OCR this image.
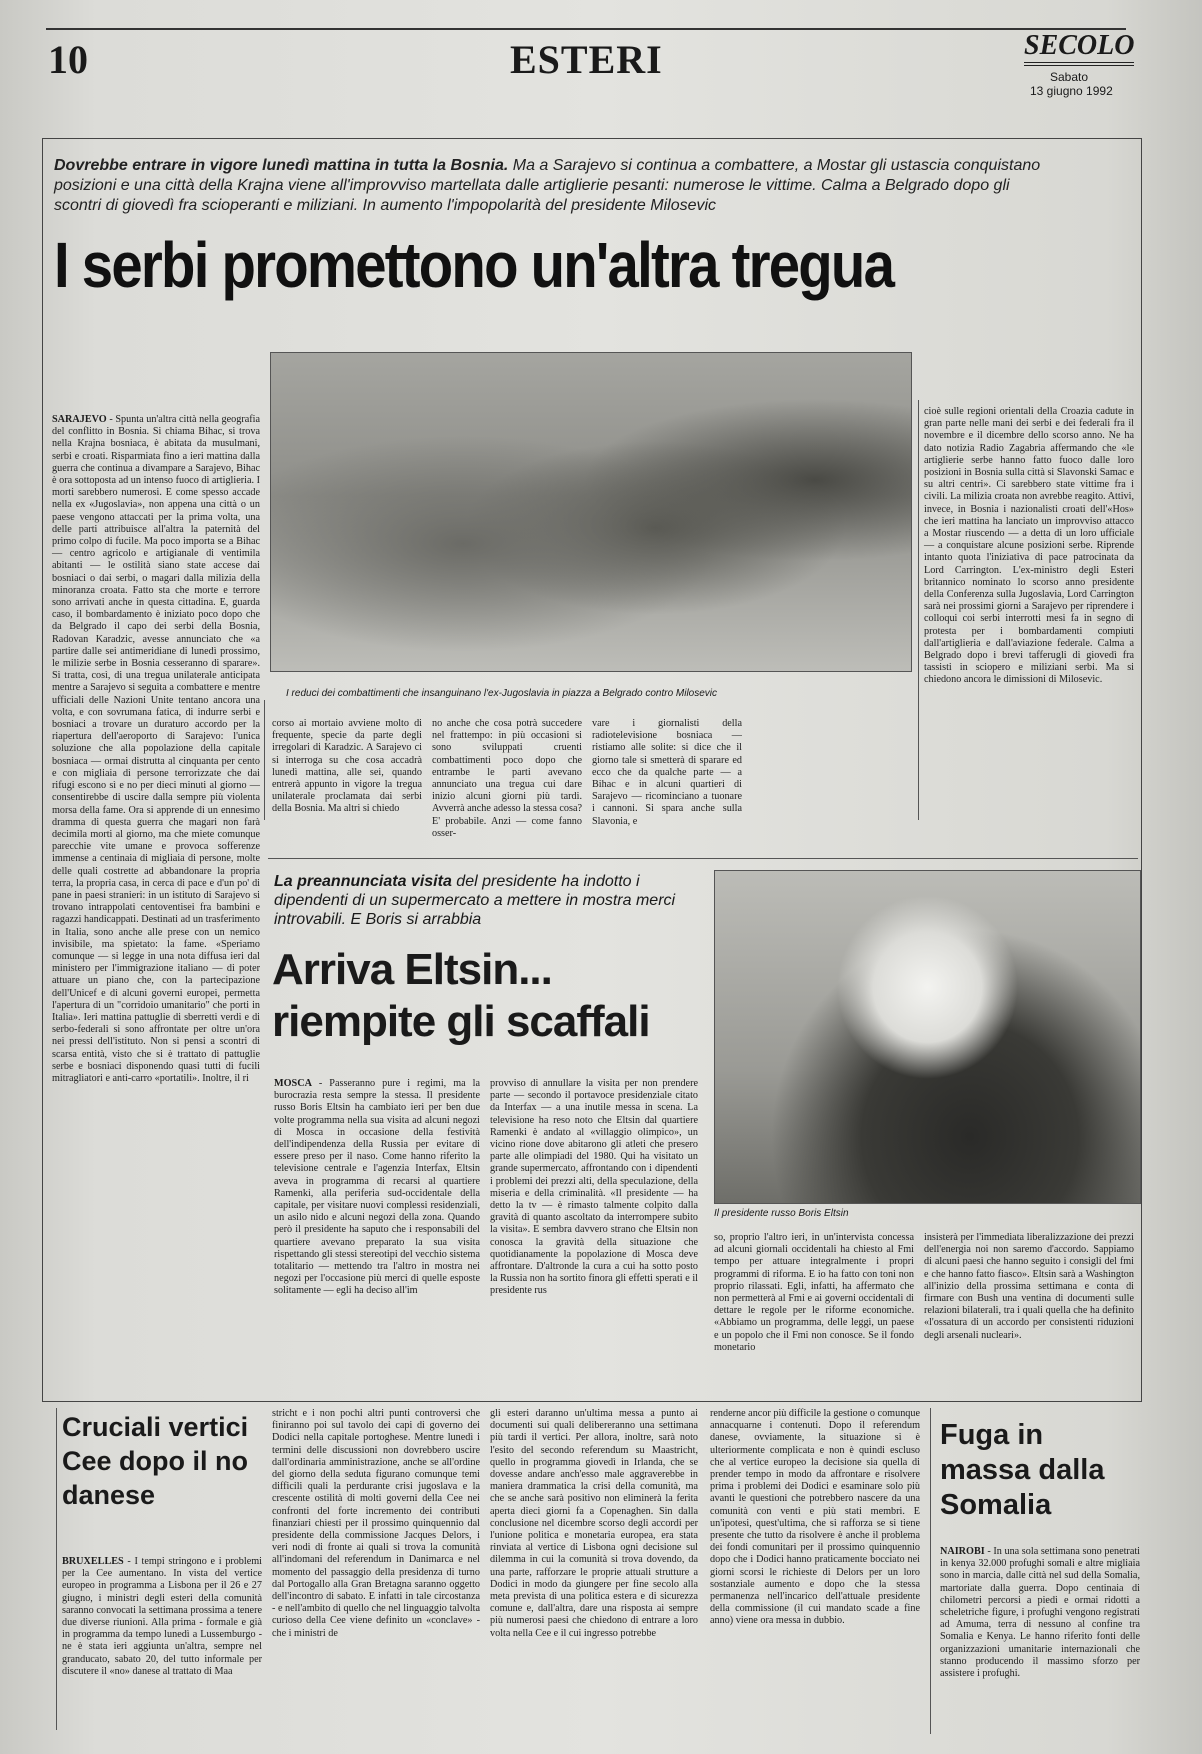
10	ESTERI	SECOLO
Sabato
13 giugno 1992
Dovrebbe entrare in vigore lunedì mattina in tutta la Bosnia. Ma a Sarajevo si continua a combattere, a Mostar gli ustascia conquistano posizioni e una città della Krajna viene all'improvviso martellata dalle artiglierie pesanti: numerose le vittime. Calma a Belgrado dopo gli scontri di giovedì fra scioperanti e miliziani. In aumento l'impopolarità del presidente Milosevic
I serbi promettono un'altra tregua
I reduci dei combattimenti che insanguinano l'ex-Jugoslavia in piazza a Belgrado contro Milosevic

SARAJEVO - Spunta un'altra città nella geografia del conflitto in Bosnia. Si chiama Bihac, si trova nella Krajna bosniaca, è abitata da musulmani, serbi e croati. Risparmiata fino a ieri mattina dalla guerra che continua a divampare a Sarajevo, Bihac è ora sottoposta ad un intenso fuoco di artiglieria. I morti sarebbero numerosi. E come spesso accade nella ex «Jugoslavia», non appena una città o un paese vengono attaccati per la prima volta, una delle parti attribuisce all'altra la paternità del primo colpo di fucile. Ma poco importa se a Bihac — centro agricolo e artigianale di ventimila abitanti — le ostilità siano state accese dai bosniaci o dai serbi, o magari dalla milizia della minoranza croata. Fatto sta che morte e terrore sono arrivati anche in questa cittadina. E, guarda caso, il bombardamento è iniziato poco dopo che da Belgrado il capo dei serbi della Bosnia, Radovan Karadzic, avesse annunciato che «a partire dalle sei antimeridiane di lunedì prossimo, le milizie serbe in Bosnia cesseranno di sparare». Si tratta, così, di una tregua unilaterale anticipata mentre a Sarajevo si seguita a combattere e mentre ufficiali delle Nazioni Unite tentano ancora una volta, e con sovrumana fatica, di indurre serbi e bosniaci a trovare un duraturo accordo per la riapertura dell'aeroporto di Sarajevo: l'unica soluzione che alla popolazione della capitale bosniaca — ormai distrutta al cinquanta per cento e con migliaia di persone terrorizzate che dai rifugi escono sì e no per dieci minuti al giorno — consentirebbe di uscire dalla sempre più violenta morsa della fame. Ora si apprende di un ennesimo dramma di questa guerra che magari non farà decimila morti al giorno, ma che miete comunque parecchie vite umane e provoca sofferenze immense a centinaia di migliaia di persone, molte delle quali costrette ad abbandonare la propria terra, la propria casa, in cerca di pace e d'un po' di pane in paesi stranieri: in un istituto di Sarajevo si trovano intrappolati centoventisei fra bambini e ragazzi handicappati. Destinati ad un trasferimento in Italia, sono anche alle prese con un nemico invisibile, ma spietato: la fame. «Speriamo comunque — si legge in una nota diffusa ieri dal ministero per l'immigrazione italiano — di poter attuare un piano che, con la partecipazione dell'Unicef e di alcuni governi europei, permetta l'apertura di un "corridoio umanitario" che porti in Italia». Ieri mattina pattuglie di sberretti verdi e di serbo-federali si sono affrontate per oltre un'ora nei pressi dell'istituto. Non si pensi a scontri di scarsa entità, visto che si è trattato di pattuglie serbe e bosniaci disponendo quasi tutti di fucili mitragliatori e anti-carro «portatili». Inoltre, il ri

corso ai mortaio avviene molto di frequente, specie da parte degli irregolari di Karadzic. A Sarajevo ci si interroga su che cosa accadrà lunedì mattina, alle sei, quando entrerà appunto in vigore la tregua unilaterale proclamata dai serbi della Bosnia. Ma altri si chiedo

no anche che cosa potrà succedere nel frattempo: in più occasioni si sono sviluppati cruenti combattimenti poco dopo che entrambe le parti avevano annunciato una tregua cui dare inizio alcuni giorni più tardi. Avverrà anche adesso la stessa cosa? E' probabile. Anzi — come fanno osser-

vare i giornalisti della radiotelevisione bosniaca — ristiamo alle solite: si dice che il giorno tale si smetterà di sparare ed ecco che da qualche parte — a Bihac e in alcuni quartieri di Sarajevo — ricominciano a tuonare i cannoni. Si spara anche sulla Slavonia, e

cioè sulle regioni orientali della Croazia cadute in gran parte nelle mani dei serbi e dei federali fra il novembre e il dicembre dello scorso anno. Ne ha dato notizia Radio Zagabria affermando che «le artiglierie serbe hanno fatto fuoco dalle loro posizioni in Bosnia sulla città si Slavonski Samac e su altri centri». Ci sarebbero state vittime fra i civili. La milizia croata non avrebbe reagito. Attivi, invece, in Bosnia i nazionalisti croati dell'«Hos» che ieri mattina ha lanciato un improvviso attacco a Mostar riuscendo — a detta di un loro ufficiale — a conquistare alcune posizioni serbe. Riprende intanto quota l'iniziativa di pace patrocinata da Lord Carrington. L'ex-ministro degli Esteri britannico nominato lo scorso anno presidente della Conferenza sulla Jugoslavia, Lord Carrington sarà nei prossimi giorni a Sarajevo per riprendere i colloqui coi serbi interrotti mesi fa in segno di protesta per i bombardamenti compiuti dall'artiglieria e dall'aviazione federale. Calma a Belgrado dopo i brevi tafferugli di giovedì fra tassisti in sciopero e miliziani serbi. Ma si chiedono ancora le dimissioni di Milosevic.

La preannunciata visita del presidente ha indotto i dipendenti di un supermercato a mettere in mostra merci introvabili. E Boris si arrabbia
Arriva Eltsin...
riempite gli scaffali
Il presidente russo Boris Eltsin

MOSCA - Passeranno pure i regimi, ma la burocrazia resta sempre la stessa. Il presidente russo Boris Eltsin ha cambiato ieri per ben due volte programma nella sua visita ad alcuni negozi di Mosca in occasione della festività dell'indipendenza della Russia per evitare di essere preso per il naso. Come hanno riferito la televisione centrale e l'agenzia Interfax, Eltsin aveva in programma di recarsi al quartiere Ramenki, alla periferia sud-occidentale della capitale, per visitare nuovi complessi residenziali, un asilo nido e alcuni negozi della zona. Quando però il presidente ha saputo che i responsabili del quartiere avevano preparato la sua visita rispettando gli stessi stereotipi del vecchio sistema totalitario — mettendo tra l'altro in mostra nei negozi per l'occasione più merci di quelle esposte solitamente — egli ha deciso all'im

provviso di annullare la visita per non prendere parte — secondo il portavoce presidenziale citato da Interfax — a una inutile messa in scena. La televisione ha reso noto che Eltsin dal quartiere Ramenki è andato al «villaggio olimpico», un vicino rione dove abitarono gli atleti che presero parte alle olimpiadi del 1980. Qui ha visitato un grande supermercato, affrontando con i dipendenti i problemi dei prezzi alti, della speculazione, della miseria e della criminalità. «Il presidente — ha detto la tv — è rimasto talmente colpito dalla gravità di quanto ascoltato da interrompere subito la visita». E sembra davvero strano che Eltsin non conosca la gravità della situazione che quotidianamente la popolazione di Mosca deve affrontare. D'altronde la cura a cui ha sotto posto la Russia non ha sortito finora gli effetti sperati e il presidente rus

so, proprio l'altro ieri, in un'intervista concessa ad alcuni giornali occidentali ha chiesto al Fmi tempo per attuare integralmente i propri programmi di riforma. E io ha fatto con toni non proprio rilassati. Egli, infatti, ha affermato che non permetterà al Fmi e ai governi occidentali di dettare le regole per le riforme economiche. «Abbiamo un programma, delle leggi, un paese e un popolo che il Fmi non conosce. Se il fondo monetario

insisterà per l'immediata liberalizzazione dei prezzi dell'energia noi non saremo d'accordo. Sappiamo di alcuni paesi che hanno seguito i consigli del fmi e che hanno fatto fiasco». Eltsin sarà a Washington all'inizio della prossima settimana e conta di firmare con Bush una ventina di documenti sulle relazioni bilaterali, tra i quali quella che ha definito «l'ossatura di un accordo per consistenti riduzioni degli arsenali nucleari».

Cruciali vertici Cee dopo il no danese

BRUXELLES - I tempi stringono e i problemi per la Cee aumentano. In vista del vertice europeo in programma a Lisbona per il 26 e 27 giugno, i ministri degli esteri della comunità saranno convocati la settimana prossima a tenere due diverse riunioni. Alla prima - formale e già in programma da tempo lunedì a Lussemburgo - ne è stata ieri aggiunta un'altra, sempre nel granducato, sabato 20, del tutto informale per discutere il «no» danese al trattato di Maa

stricht e i non pochi altri punti controversi che finiranno poi sul tavolo dei capi di governo dei Dodici nella capitale portoghese. Mentre lunedì i termini delle discussioni non dovrebbero uscire dall'ordinaria amministrazione, anche se all'ordine del giorno della seduta figurano comunque temi difficili quali la perdurante crisi jugoslava e la crescente ostilità di molti governi della Cee nei confronti del forte incremento dei contributi finanziari chiesti per il prossimo quinquennio dal presidente della commissione Jacques Delors, i veri nodi di fronte ai quali si trova la comunità all'indomani del referendum in Danimarca e nel momento del passaggio della presidenza di turno dal Portogallo alla Gran Bretagna saranno oggetto dell'incontro di sabato. E infatti in tale circostanza - e nell'ambito di quello che nel linguaggio talvolta curioso della Cee viene definito un «conclave» - che i ministri de

gli esteri daranno un'ultima messa a punto ai documenti sui quali delibereranno una settimana più tardi il vertici. Per allora, inoltre, sarà noto l'esito del secondo referendum su Maastricht, quello in programma giovedì in Irlanda, che se dovesse andare anch'esso male aggraverebbe in maniera drammatica la crisi della comunità, ma che se anche sarà positivo non eliminerà la ferita aperta dieci giorni fa a Copenaghen. Sin dalla conclusione nel dicembre scorso degli accordi per l'unione politica e monetaria europea, era stata rinviata al vertice di Lisbona ogni decisione sul dilemma in cui la comunità si trova dovendo, da una parte, rafforzare le proprie attuali strutture a Dodici in modo da giungere per fine secolo alla meta prevista di una politica estera e di sicurezza comune e, dall'altra, dare una risposta ai sempre più numerosi paesi che chiedono di entrare a loro volta nella Cee e il cui ingresso potrebbe

renderne ancor più difficile la gestione o comunque annacquarne i contenuti. Dopo il referendum danese, ovviamente, la situazione si è ulteriormente complicata e non è quindi escluso che al vertice europeo la decisione sia quella di prender tempo in modo da affrontare e risolvere prima i problemi dei Dodici e esaminare solo più avanti le questioni che potrebbero nascere da una comunità con venti e più stati membri. E un'ipotesi, quest'ultima, che si rafforza se si tiene presente che tutto da risolvere è anche il problema dei fondi comunitari per il prossimo quinquennio dopo che i Dodici hanno praticamente bocciato nei giorni scorsi le richieste di Delors per un loro sostanziale aumento e dopo che la stessa permanenza nell'incarico dell'attuale presidente della commissione (il cui mandato scade a fine anno) viene ora messa in dubbio.

Fuga in massa dalla Somalia

NAIROBI - In una sola settimana sono penetrati in kenya 32.000 profughi somali e altre migliaia sono in marcia, dalle città nel sud della Somalia, martoriate dalla guerra. Dopo centinaia di chilometri percorsi a piedi e ormai ridotti a scheletriche figure, i profughi vengono registrati ad Amuma, terra di nessuno al confine tra Somalia e Kenya. Le hanno riferito fonti delle organizzazioni umanitarie internazionali che stanno producendo il massimo sforzo per assistere i profughi.
